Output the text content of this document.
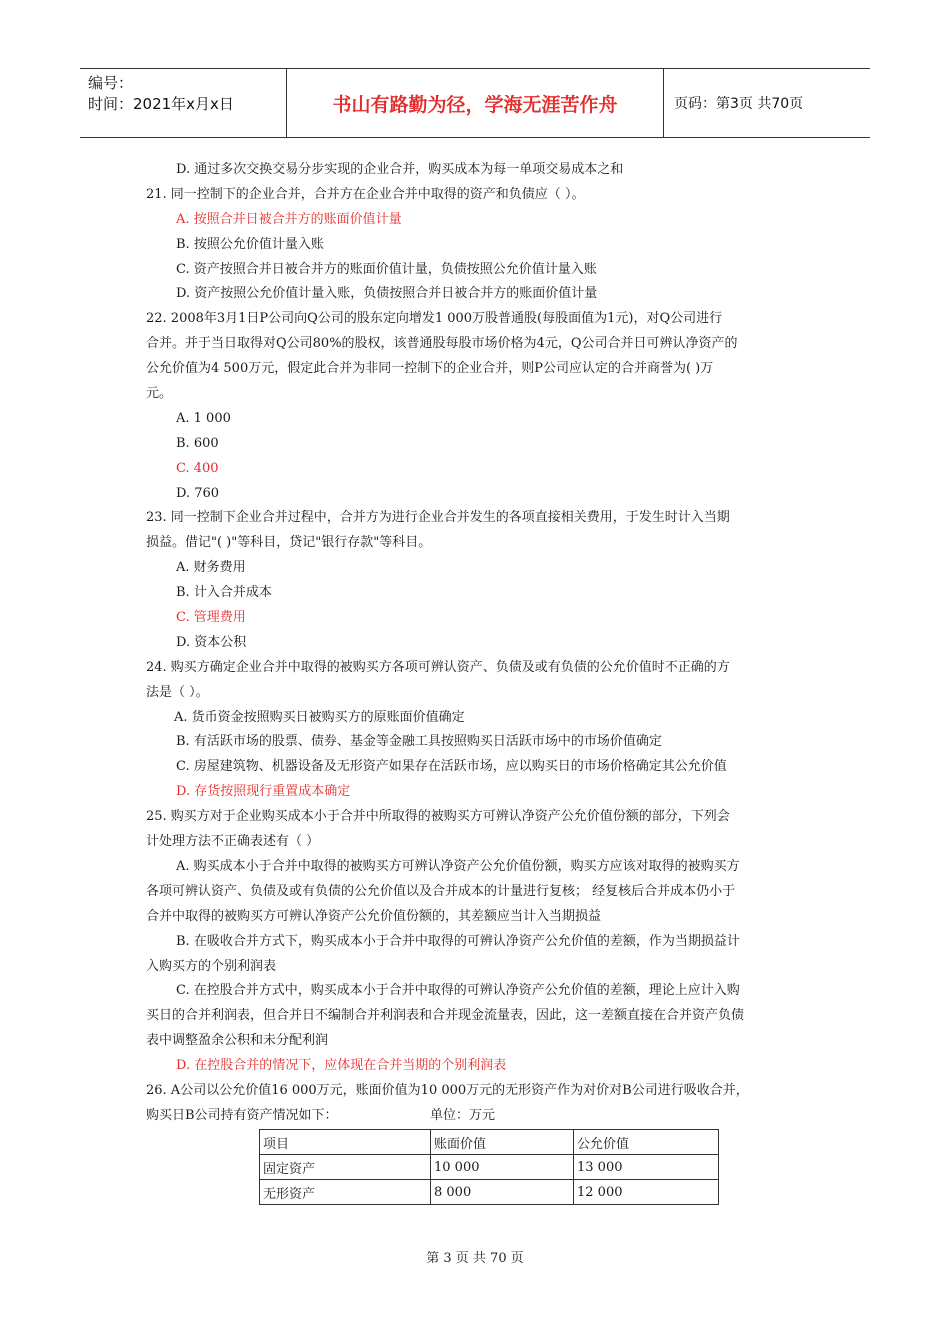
编号：
时间：2021年x月x日	书山有路勤为径，学海无涯苦作舟	页码：第3页 共70页
D. 通过多次交换交易分步实现的企业合并，购买成本为每一单项交易成本之和
21. 同一控制下的企业合并，合并方在企业合并中取得的资产和负债应（ ）。
A. 按照合并日被合并方的账面价值计量
B. 按照公允价值计量入账
C. 资产按照合并日被合并方的账面价值计量，负债按照公允价值计量入账
D. 资产按照公允价值计量入账，负债按照合并日被合并方的账面价值计量
22. 2008年3月1日P公司向Q公司的股东定向增发1 000万股普通股(每股面值为1元)，对Q公司进行
合并。并于当日取得对Q公司80%的股权，该普通股每股市场价格为4元，Q公司合并日可辨认净资产的
公允价值为4 500万元，假定此合并为非同一控制下的企业合并，则P公司应认定的合并商誉为( )万
元。
A. 1 000
B. 600
C. 400
D. 760
23. 同一控制下企业合并过程中，合并方为进行企业合并发生的各项直接相关费用，于发生时计入当期
损益。借记"( )"等科目，贷记"银行存款"等科目。
A. 财务费用
B. 计入合并成本
C. 管理费用
D. 资本公积
24. 购买方确定企业合并中取得的被购买方各项可辨认资产、负债及或有负债的公允价值时不正确的方
法是（ ）。
A. 货币资金按照购买日被购买方的原账面价值确定
B. 有活跃市场的股票、债券、基金等金融工具按照购买日活跃市场中的市场价值确定
C. 房屋建筑物、机器设备及无形资产如果存在活跃市场，应以购买日的市场价格确定其公允价值
D. 存货按照现行重置成本确定
25. 购买方对于企业购买成本小于合并中所取得的被购买方可辨认净资产公允价值份额的部分，下列会
计处理方法不正确表述有（ ）
A. 购买成本小于合并中取得的被购买方可辨认净资产公允价值份额，购买方应该对取得的被购买方
各项可辨认资产、负债及或有负债的公允价值以及合并成本的计量进行复核； 经复核后合并成本仍小于
合并中取得的被购买方可辨认净资产公允价值份额的，其差额应当计入当期损益
B. 在吸收合并方式下，购买成本小于合并中取得的可辨认净资产公允价值的差额，作为当期损益计
入购买方的个别利润表
C. 在控股合并方式中，购买成本小于合并中取得的可辨认净资产公允价值的差额，理论上应计入购
买日的合并利润表，但合并日不编制合并利润表和合并现金流量表，因此，这一差额直接在合并资产负债
表中调整盈余公积和未分配利润
D. 在控股合并的情况下，应体现在合并当期的个别利润表
26. A公司以公允价值16 000万元，账面价值为10 000万元的无形资产作为对价对B公司进行吸收合并，
购买日B公司持有资产情况如下：	单位：万元
项目	账面价值	公允价值
固定资产	10 000	13 000
无形资产	8 000	12 000
第 3 页 共 70 页
